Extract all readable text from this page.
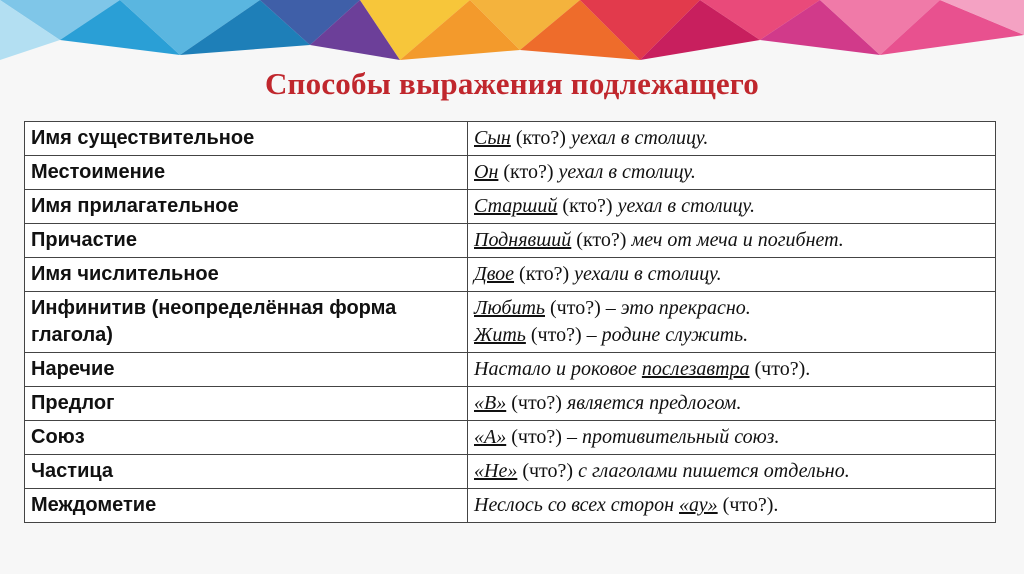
Способы выражения подлежащего
Имя существительное	Сын (кто?) уехал в столицу.

Местоимение	Он (кто?) уехал в столицу.

Имя прилагательное	Старший (кто?) уехал в столицу.

Причастие	Поднявший (кто?) меч от меча и погибнет.

Имя числительное	Двое (кто?) уехали в столицу.

Инфинитив (неопределённая форма глагола)	Любить (что?) – это прекрасно.
Жить (что?) – родине служить.

Наречие	Настало и роковое послезавтра (что?).

Предлог	«В» (что?) является предлогом.

Союз	«А» (что?) – противительный союз.

Частица	«Не» (что?) с глаголами пишется отдельно.

Междометие	Неслось со всех сторон «ау» (что?).
